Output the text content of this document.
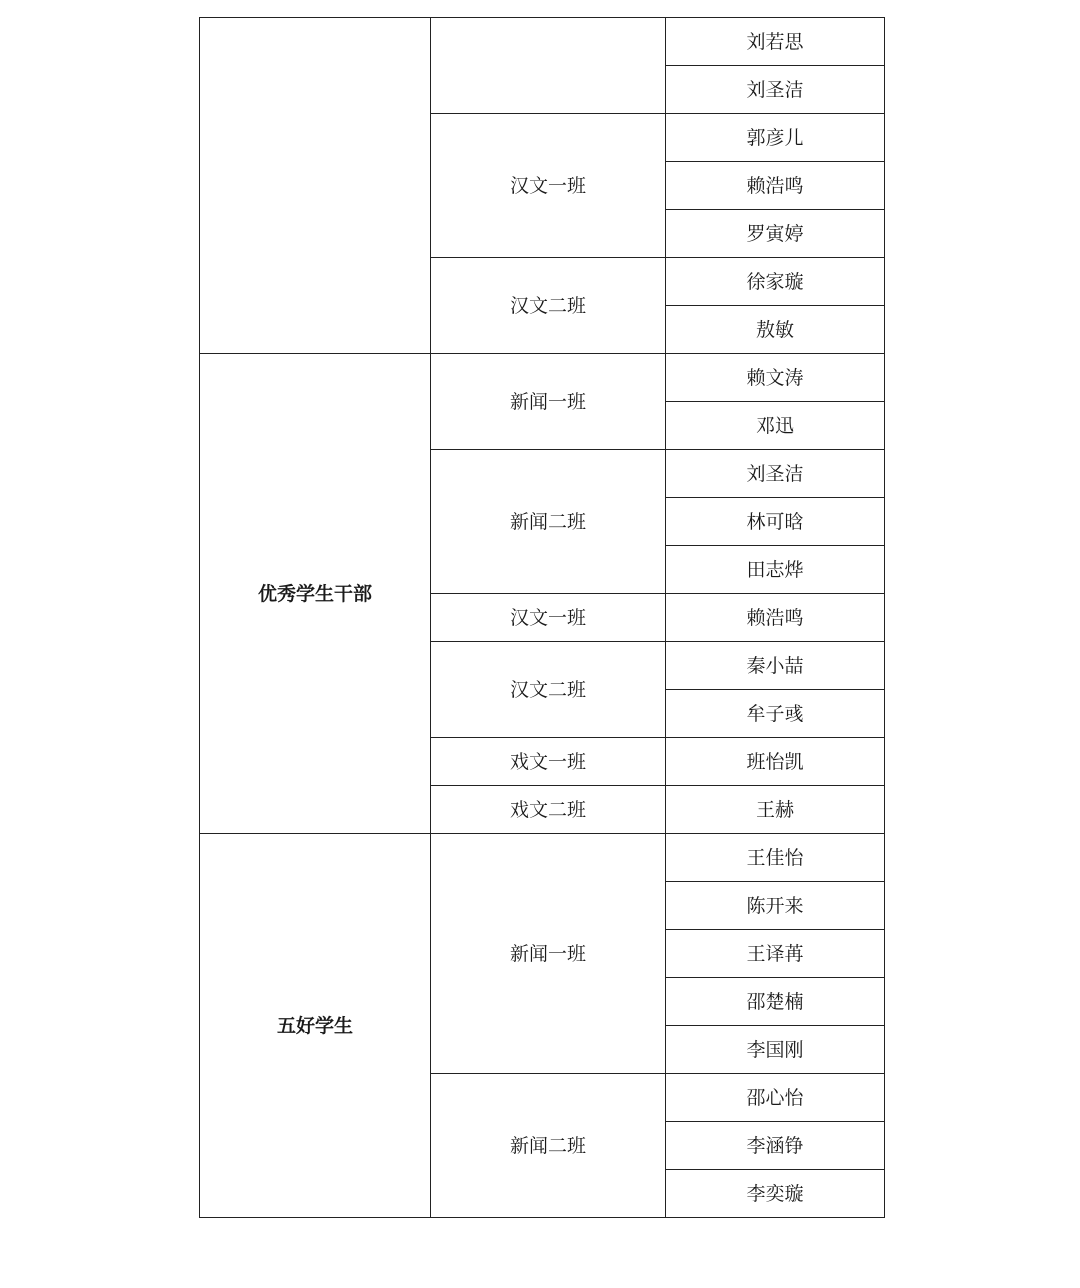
		刘若思
		刘圣洁
	汉文一班	郭彦儿
		赖浩鸣
		罗寅婷
	汉文二班	徐家璇
		敖敏
优秀学生干部	新闻一班	赖文涛
		邓迅
	新闻二班	刘圣洁
		林可晗
		田志烨
	汉文一班	赖浩鸣
	汉文二班	秦小喆
		牟子彧
	戏文一班	班怡凯
	戏文二班	王赫
五好学生	新闻一班	王佳怡
		陈开来
		王译苒
		邵楚楠
		李国刚
	新闻二班	邵心怡
		李涵铮
		李奕璇
